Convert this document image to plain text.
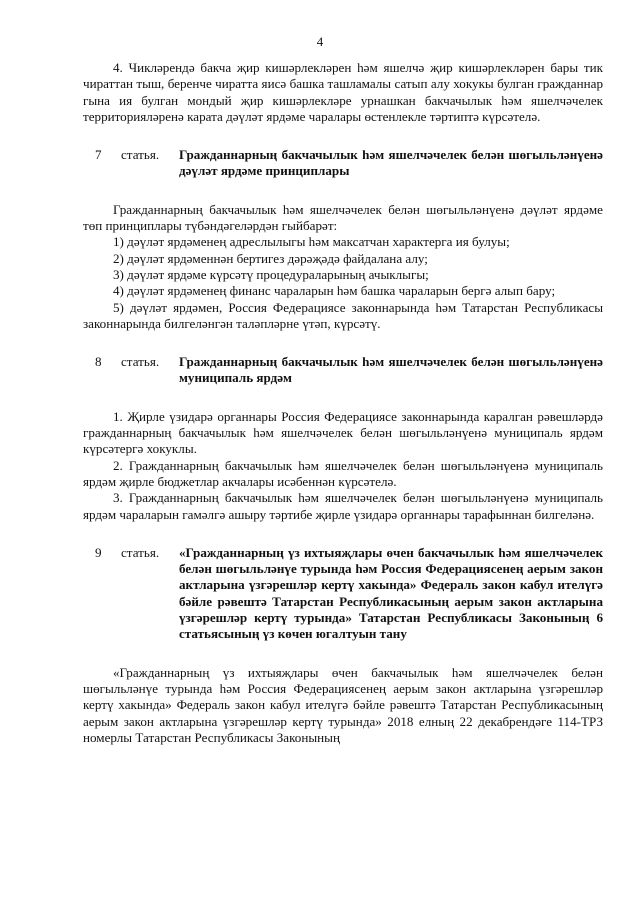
4

4. Чикләрендә бакча җир кишәрлекләрен һәм яшелчә җир кишәрлекләрен бары тик чираттан тыш, беренче чиратта яисә башка ташламалы сатып алу хокукы булган гражданнар гына ия булган мондый җир кишәрлекләре урнашкан бакчачылык һәм яшелчәчелек территорияләренә карата дәүләт ярдәме чаралары өстенлекле тәртиптә күрсәтелә.

7	статья.	Гражданнарның бакчачылык һәм яшелчәчелек белән шөгыльләнүенә дәүләт ярдәме принциплары

Гражданнарның бакчачылык һәм яшелчәчелек белән шөгыльләнүенә дәүләт ярдәме төп принциплары түбәндәгеләрдән гыйбарәт:

1) дәүләт ярдәменең адреслылыгы һәм максатчан характерга ия булуы;

2) дәүләт ярдәменнән бертигез дәрәҗәдә файдалана алу;

3) дәүләт ярдәме күрсәтү процедураларының ачыклыгы;

4) дәүләт ярдәменең финанс чараларын һәм башка чараларын бергә алып бару;

5) дәүләт ярдәмен, Россия Федерациясе законнарында һәм Татарстан Республикасы законнарында билгеләнгән таләпләрне үтәп, күрсәтү.

8	статья.	Гражданнарның бакчачылык һәм яшелчәчелек белән шөгыльләнүенә муниципаль ярдәм

1. Җирле үзидарә органнары Россия Федерациясе законнарында каралган рәвешләрдә гражданнарның бакчачылык һәм яшелчәчелек белән шөгыльләнүенә муниципаль ярдәм күрсәтергә хокуклы.

2. Гражданнарның бакчачылык һәм яшелчәчелек белән шөгыльләнүенә муниципаль ярдәм җирле бюджетлар акчалары исәбеннән күрсәтелә.

3. Гражданнарның бакчачылык һәм яшелчәчелек белән шөгыльләнүенә муниципаль ярдәм чараларын гамәлгә ашыру тәртибе җирле үзидарә органнары тарафыннан билгеләнә.

9	статья.	«Гражданнарның үз ихтыяҗлары өчен бакчачылык һәм яшелчәчелек белән шөгыльләнүе турында һәм Россия Федерациясенең аерым закон актларына үзгәрешләр кертү хакында» Федераль закон кабул ителүгә бәйле рәвештә Татарстан Республикасының аерым закон актларына үзгәрешләр кертү турында» Татарстан Республикасы Законының 6 статьясының үз көчен югалтуын тану

«Гражданнарның үз ихтыяҗлары өчен бакчачылык һәм яшелчәчелек белән шөгыльләнүе турында һәм Россия Федерациясенең аерым закон актларына үзгәрешләр кертү хакында» Федераль закон кабул ителүгә бәйле рәвештә Татарстан Республикасының аерым закон актларына үзгәрешләр кертү турында» 2018 елның 22 декабрендәге 114-ТРЗ номерлы Татарстан Республикасы Законының
